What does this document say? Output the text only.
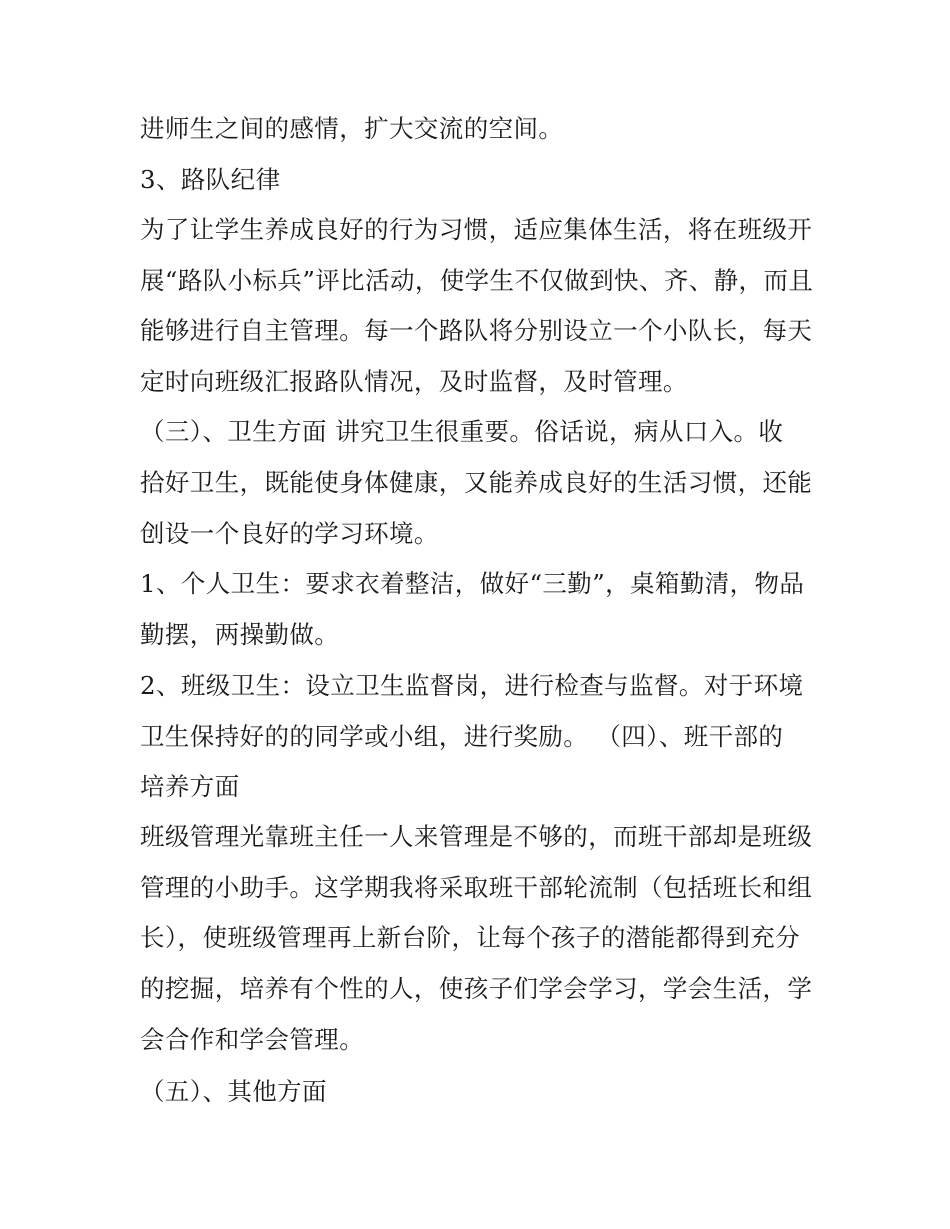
进师生之间的感情，扩大交流的空间。
3、路队纪律
为了让学生养成良好的行为习惯，适应集体生活，将在班级开
展“路队小标兵”评比活动，使学生不仅做到快、齐、静，而且
能够进行自主管理。每一个路队将分别设立一个小队长，每天
定时向班级汇报路队情况，及时监督，及时管理。
（三）、卫生方面 讲究卫生很重要。俗话说，病从口入。收
拾好卫生，既能使身体健康，又能养成良好的生活习惯，还能
创设一个良好的学习环境。
1、个人卫生：要求衣着整洁，做好“三勤”，桌箱勤清，物品
勤摆，两操勤做。
2、班级卫生：设立卫生监督岗，进行检查与监督。对于环境
卫生保持好的的同学或小组，进行奖励。 （四）、班干部的
培养方面
班级管理光靠班主任一人来管理是不够的，而班干部却是班级
管理的小助手。这学期我将采取班干部轮流制（包括班长和组
长），使班级管理再上新台阶，让每个孩子的潜能都得到充分
的挖掘，培养有个性的人，使孩子们学会学习，学会生活，学
会合作和学会管理。
（五）、其他方面
